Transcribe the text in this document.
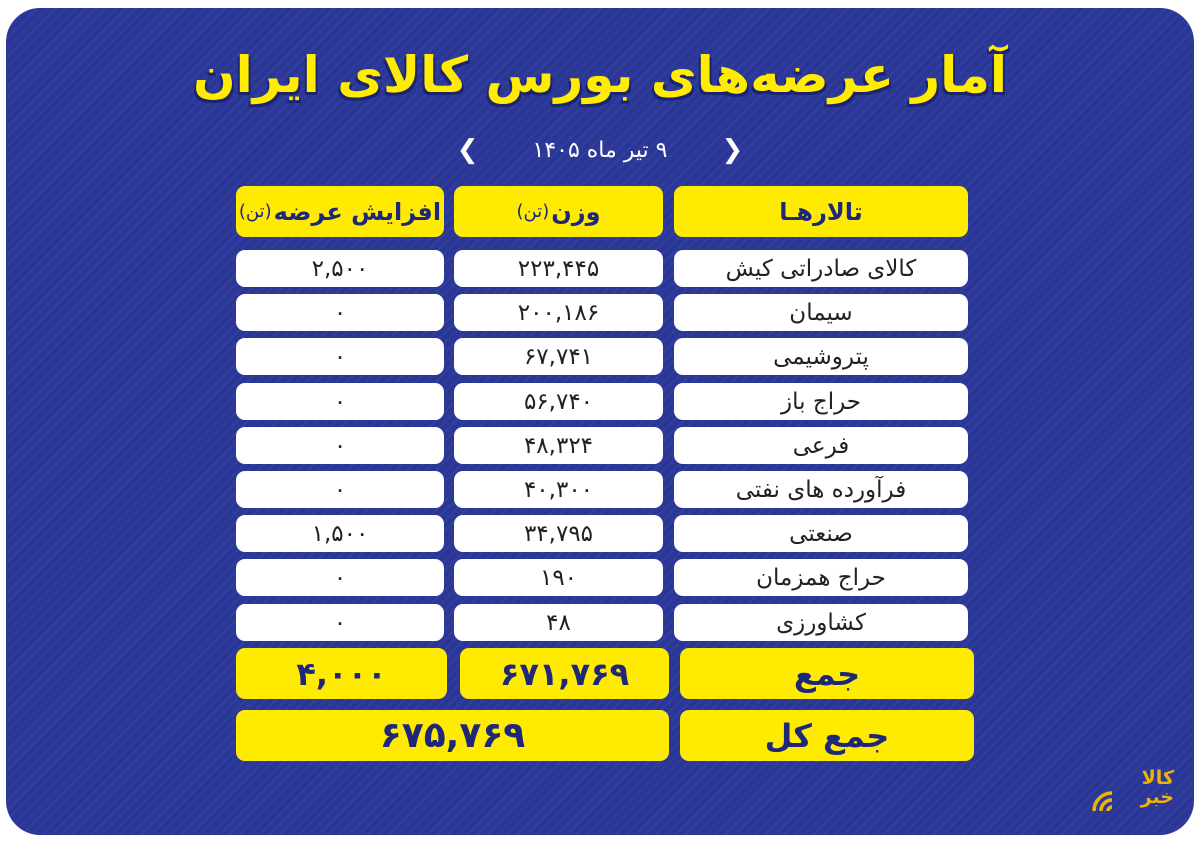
آمار عرضه‌های بورس کالای ایران
❮ ۹ تیر ماه ۱۴۰۵ ❯
تالارهـا
وزن
(تن)
افزایش عرضه
(تن)
کالای صادراتی کیش
۲۲۳,۴۴۵
۲,۵۰۰
سیمان
۲۰۰,۱۸۶
۰
پتروشیمی
۶۷,۷۴۱
۰
حراج باز
۵۶,۷۴۰
۰
فرعی
۴۸,۳۲۴
۰
فرآورده های نفتی
۴۰,۳۰۰
۰
صنعتی
۳۴,۷۹۵
۱,۵۰۰
حراج همزمان
۱۹۰
۰
کشاورزی
۴۸
۰
جمع
۶۷۱,۷۶۹
۴,۰۰۰
جمع کل
۶۷۵,۷۶۹
کالا
خبر
